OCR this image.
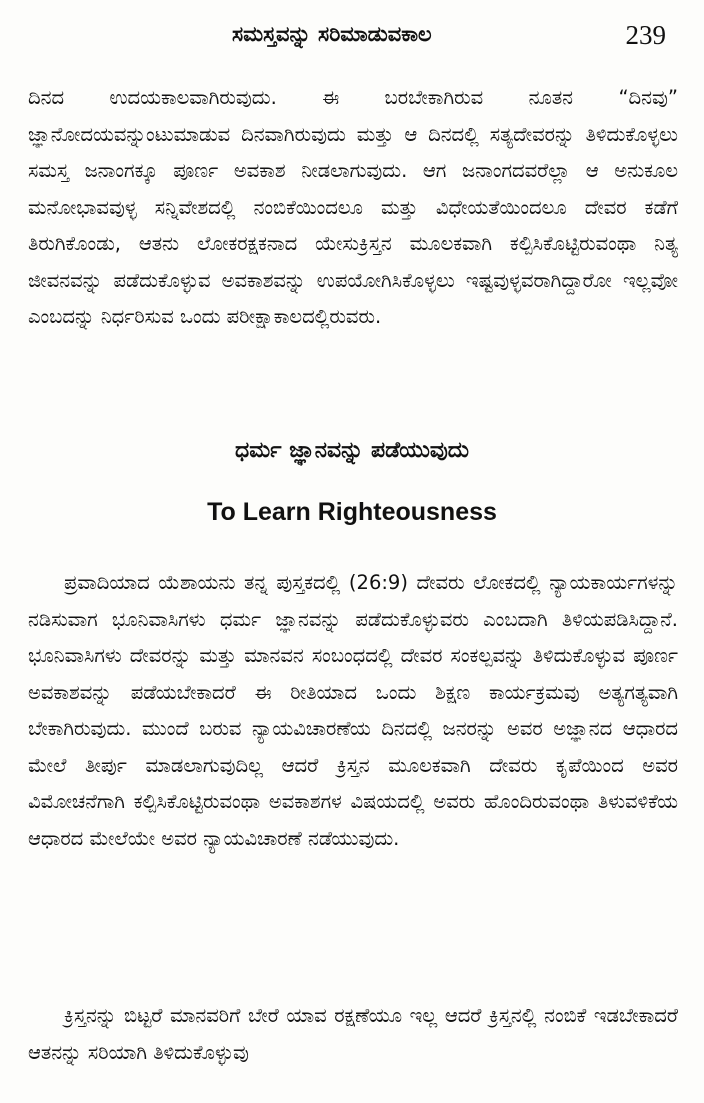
ಸಮಸ್ತವನ್ನು ಸರಿಮಾಡುವಕಾಲ	239

ದಿನದ ಉದಯಕಾಲವಾಗಿರುವುದು. ಈ ಬರಬೇಕಾಗಿರುವ ನೂತನ “ದಿನವು” ಜ್ಞಾನೋದಯವನ್ನುಂಟುಮಾಡುವ ದಿನವಾಗಿರುವುದು ಮತ್ತು ಆ ದಿನದಲ್ಲಿ ಸತ್ಯದೇವರನ್ನು ತಿಳಿದುಕೊಳ್ಳಲು ಸಮಸ್ತ ಜನಾಂಗಕ್ಕೂ ಪೂರ್ಣ ಅವಕಾಶ ನೀಡಲಾಗುವುದು. ಆಗ ಜನಾಂಗದವರೆಲ್ಲಾ ಆ ಅನುಕೂಲ ಮನೋಭಾವವುಳ್ಳ ಸನ್ನಿವೇಶದಲ್ಲಿ ನಂಬಿಕೆಯಿಂದಲೂ ಮತ್ತು ವಿಧೇಯತೆಯಿಂದಲೂ ದೇವರ ಕಡೆಗೆ ತಿರುಗಿಕೊಂಡು, ಆತನು ಲೋಕರಕ್ಷಕನಾದ ಯೇಸುಕ್ರಿಸ್ತನ ಮೂಲಕವಾಗಿ ಕಲ್ಪಿಸಿಕೊಟ್ಟಿರುವಂಥಾ ನಿತ್ಯ ಜೀವನವನ್ನು ಪಡೆದುಕೊಳ್ಳುವ ಅವಕಾಶವನ್ನು ಉಪಯೋಗಿಸಿಕೊಳ್ಳಲು ಇಷ್ಟವುಳ್ಳವರಾಗಿದ್ದಾರೋ ಇಲ್ಲವೋ ಎಂಬದನ್ನು ನಿರ್ಧರಿಸುವ ಒಂದು ಪರೀಕ್ಷಾಕಾಲದಲ್ಲಿರುವರು.

ಧರ್ಮ ಜ್ಞಾನವನ್ನು ಪಡೆಯುವುದು
To Learn Righteousness

ಪ್ರವಾದಿಯಾದ ಯೆಶಾಯನು ತನ್ನ ಪುಸ್ತಕದಲ್ಲಿ (26:9) ದೇವರು ಲೋಕದಲ್ಲಿ ನ್ಯಾಯಕಾರ್ಯಗಳನ್ನು ನಡಿಸುವಾಗ ಭೂನಿವಾಸಿಗಳು ಧರ್ಮ ಜ್ಞಾನವನ್ನು ಪಡೆದುಕೊಳ್ಳುವರು ಎಂಬದಾಗಿ ತಿಳಿಯಪಡಿಸಿದ್ದಾನೆ. ಭೂನಿವಾಸಿಗಳು ದೇವರನ್ನು ಮತ್ತು ಮಾನವನ ಸಂಬಂಧದಲ್ಲಿ ದೇವರ ಸಂಕಲ್ಪವನ್ನು ತಿಳಿದುಕೊಳ್ಳುವ ಪೂರ್ಣ ಅವಕಾಶವನ್ನು ಪಡೆಯಬೇಕಾದರೆ ಈ ರೀತಿಯಾದ ಒಂದು ಶಿಕ್ಷಣ ಕಾರ್ಯಕ್ರಮವು ಅತ್ಯಗತ್ಯವಾಗಿ ಬೇಕಾಗಿರುವುದು. ಮುಂದೆ ಬರುವ ನ್ಯಾಯವಿಚಾರಣೆಯ ದಿನದಲ್ಲಿ ಜನರನ್ನು ಅವರ ಅಜ್ಞಾನದ ಆಧಾರದ ಮೇಲೆ ತೀರ್ಪು ಮಾಡಲಾಗುವುದಿಲ್ಲ ಆದರೆ ಕ್ರಿಸ್ತನ ಮೂಲಕವಾಗಿ ದೇವರು ಕೃಪೆಯಿಂದ ಅವರ ವಿಮೋಚನೆಗಾಗಿ ಕಲ್ಪಿಸಿಕೊಟ್ಟಿರುವಂಥಾ ಅವಕಾಶಗಳ ವಿಷಯದಲ್ಲಿ ಅವರು ಹೊಂದಿರುವಂಥಾ ತಿಳುವಳಿಕೆಯ ಆಧಾರದ ಮೇಲೆಯೇ ಅವರ ನ್ಯಾಯವಿಚಾರಣೆ ನಡೆಯುವುದು.

ಕ್ರಿಸ್ತನನ್ನು ಬಿಟ್ಟರೆ ಮಾನವರಿಗೆ ಬೇರೆ ಯಾವ ರಕ್ಷಣೆಯೂ ಇಲ್ಲ ಆದರೆ ಕ್ರಿಸ್ತನಲ್ಲಿ ನಂಬಿಕೆ ಇಡಬೇಕಾದರೆ ಆತನನ್ನು ಸರಿಯಾಗಿ ತಿಳಿದುಕೊಳ್ಳುವು
